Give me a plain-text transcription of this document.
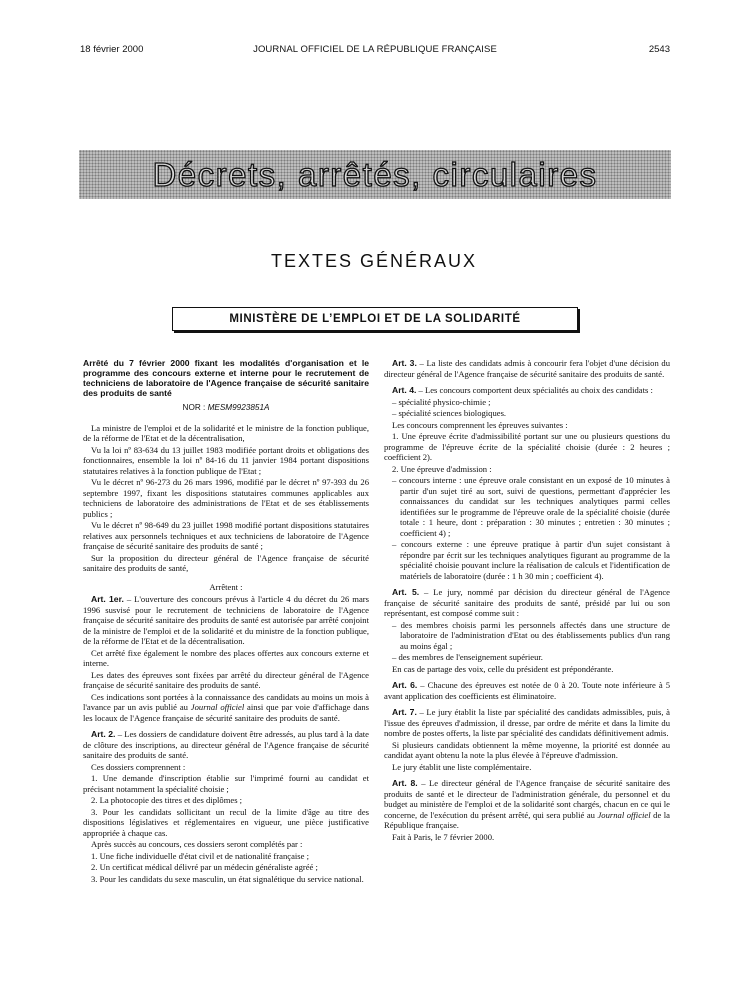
18 février 2000	JOURNAL OFFICIEL DE LA RÉPUBLIQUE FRANÇAISE	2543
Décrets, arrêtés, circulaires
TEXTES GÉNÉRAUX
MINISTÈRE DE L’EMPLOI ET DE LA SOLIDARITÉ

Arrêté du 7 février 2000 fixant les modalités d'organisation et le programme des concours externe et interne pour le recrutement de techniciens de laboratoire de l'Agence française de sécurité sanitaire des produits de santé

NOR : MESM9923851A

La ministre de l'emploi et de la solidarité et le ministre de la fonction publique, de la réforme de l'Etat et de la décentralisation,

Vu la loi nº 83-634 du 13 juillet 1983 modifiée portant droits et obligations des fonctionnaires, ensemble la loi nº 84-16 du 11 janvier 1984 portant dispositions statutaires relatives à la fonction publique de l'Etat ;

Vu le décret nº 96-273 du 26 mars 1996, modifié par le décret nº 97-393 du 26 septembre 1997, fixant les dispositions statutaires communes applicables aux techniciens de laboratoire des administrations de l'Etat et de ses établissements publics ;

Vu le décret nº 98-649 du 23 juillet 1998 modifié portant dispositions statutaires relatives aux personnels techniques et aux techniciens de laboratoire de l'Agence française de sécurité sanitaire des produits de santé ;

Sur la proposition du directeur général de l'Agence française de sécurité sanitaire des produits de santé,

Arrêtent :

Art. 1er. – L'ouverture des concours prévus à l'article 4 du décret du 26 mars 1996 susvisé pour le recrutement de techniciens de laboratoire de l'Agence française de sécurité sanitaire des produits de santé est autorisée par arrêté conjoint de la ministre de l'emploi et de la solidarité et du ministre de la fonction publique, de la réforme de l'Etat et de la décentralisation.

Cet arrêté fixe également le nombre des places offertes aux concours externe et interne.

Les dates des épreuves sont fixées par arrêté du directeur général de l'Agence française de sécurité sanitaire des produits de santé.

Ces indications sont portées à la connaissance des candidats au moins un mois à l'avance par un avis publié au Journal officiel ainsi que par voie d'affichage dans les locaux de l'Agence française de sécurité sanitaire des produits de santé.

Art. 2. – Les dossiers de candidature doivent être adressés, au plus tard à la date de clôture des inscriptions, au directeur général de l'Agence française de sécurité sanitaire des produits de santé.

Ces dossiers comprennent :

1. Une demande d'inscription établie sur l'imprimé fourni au candidat et précisant notamment la spécialité choisie ;

2. La photocopie des titres et des diplômes ;

3. Pour les candidats sollicitant un recul de la limite d'âge au titre des dispositions législatives et réglementaires en vigueur, une pièce justificative appropriée à chaque cas.

Après succès au concours, ces dossiers seront complétés par :

1. Une fiche individuelle d'état civil et de nationalité française ;

2. Un certificat médical délivré par un médecin généraliste agréé ;

3. Pour les candidats du sexe masculin, un état signalétique du service national.

Art. 3. – La liste des candidats admis à concourir fera l'objet d'une décision du directeur général de l'Agence française de sécurité sanitaire des produits de santé.

Art. 4. – Les concours comportent deux spécialités au choix des candidats :

– spécialité physico-chimie ;

– spécialité sciences biologiques.

Les concours comprennent les épreuves suivantes :

1. Une épreuve écrite d'admissibilité portant sur une ou plusieurs questions du programme de l'épreuve écrite de la spécialité choisie (durée : 2 heures ; coefficient 2).

2. Une épreuve d'admission :

– concours interne : une épreuve orale consistant en un exposé de 10 minutes à partir d'un sujet tiré au sort, suivi de questions, permettant d'apprécier les connaissances du candidat sur les techniques analytiques parmi celles identifiées sur le programme de l'épreuve orale de la spécialité choisie (durée totale : 1 heure, dont : préparation : 30 minutes ; entretien : 30 minutes ; coefficient 4) ;

– concours externe : une épreuve pratique à partir d'un sujet consistant à répondre par écrit sur les techniques analytiques figurant au programme de la spécialité choisie pouvant inclure la réalisation de calculs et l'identification de matériels de laboratoire (durée : 1 h 30 min ; coefficient 4).

Art. 5. – Le jury, nommé par décision du directeur général de l'Agence française de sécurité sanitaire des produits de santé, présidé par lui ou son représentant, est composé comme suit :

– des membres choisis parmi les personnels affectés dans une structure de laboratoire de l'administration d'Etat ou des établissements publics d'un rang au moins égal ;

– des membres de l'enseignement supérieur.

En cas de partage des voix, celle du président est prépondérante.

Art. 6. – Chacune des épreuves est notée de 0 à 20. Toute note inférieure à 5 avant application des coefficients est éliminatoire.

Art. 7. – Le jury établit la liste par spécialité des candidats admissibles, puis, à l'issue des épreuves d'admission, il dresse, par ordre de mérite et dans la limite du nombre de postes offerts, la liste par spécialité des candidats définitivement admis.

Si plusieurs candidats obtiennent la même moyenne, la priorité est donnée au candidat ayant obtenu la note la plus élevée à l'épreuve d'admission.

Le jury établit une liste complémentaire.

Art. 8. – Le directeur général de l'Agence française de sécurité sanitaire des produits de santé et le directeur de l'administration générale, du personnel et du budget au ministère de l'emploi et de la solidarité sont chargés, chacun en ce qui le concerne, de l'exécution du présent arrêté, qui sera publié au Journal officiel de la République française.

Fait à Paris, le 7 février 2000.
